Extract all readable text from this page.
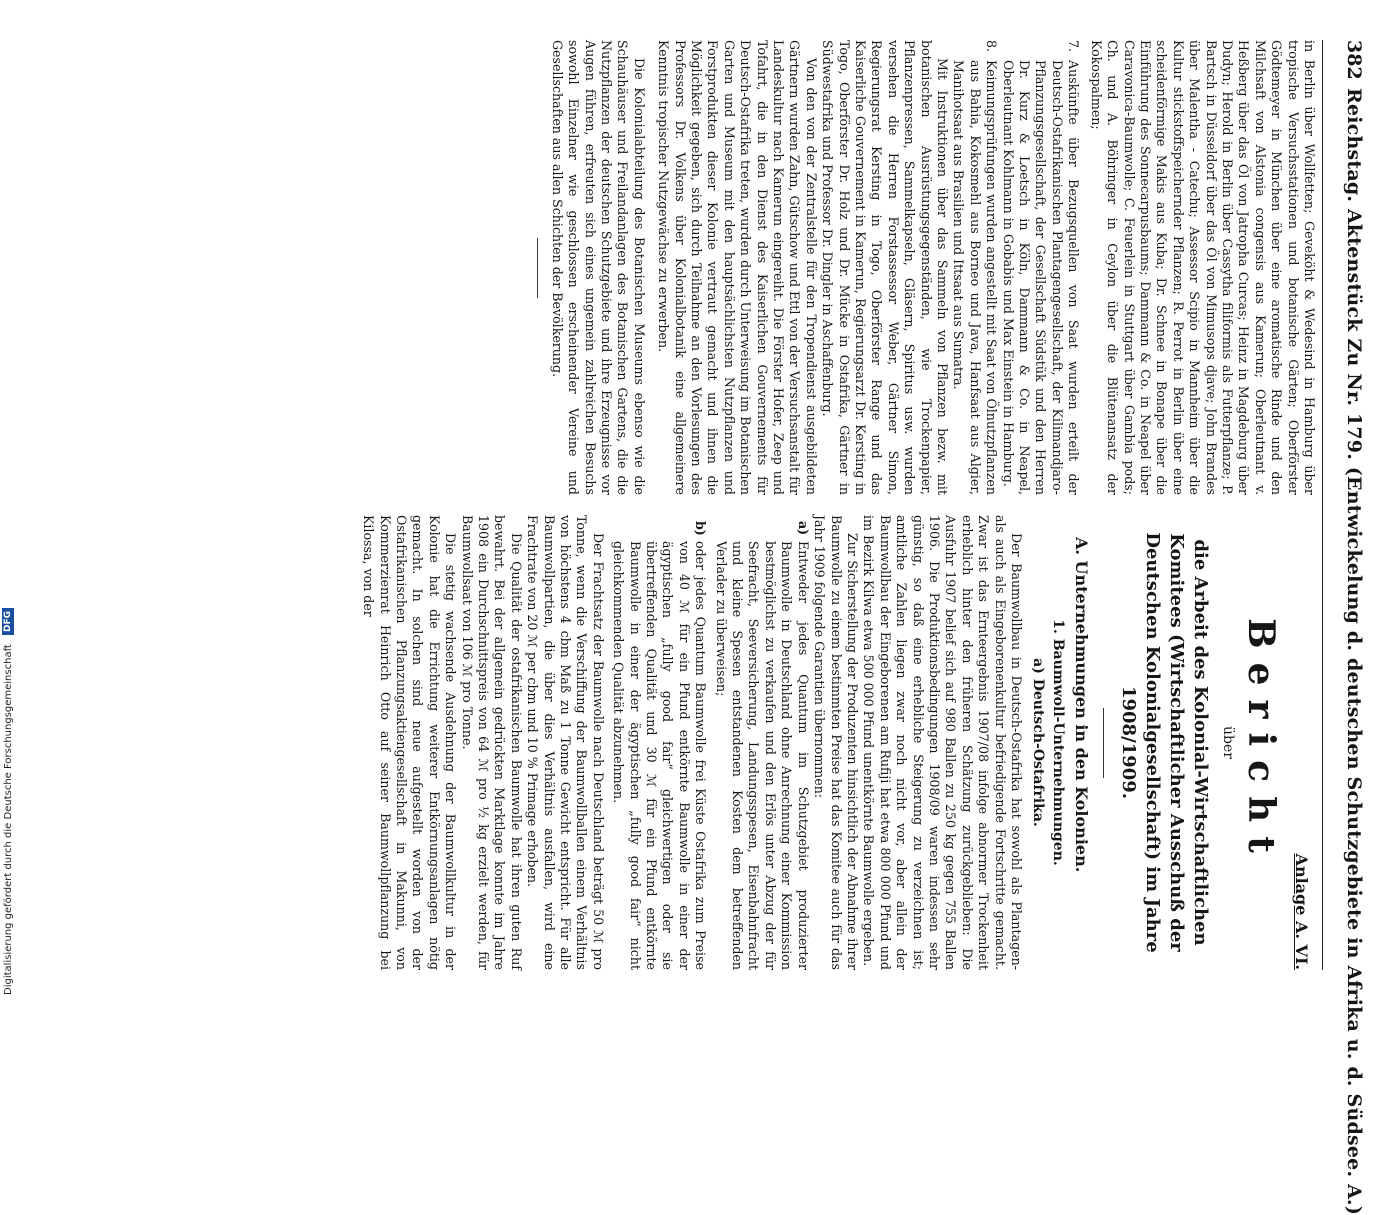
382
Reichstag. Aktenstück Zu Nr. 179. (Entwickelung d. deutschen Schutzgebiete in Afrika u. d. Südsee. A.)

in Berlin über Wollfetten; Geveköht & Wedesind in Hamburg über tropische Versuchsstationen und botanische Gärten; Oberförster Gödtemeyer in München über eine aromatische Rinde und den Milchsaft von Alstonia congensis aus Kamerun; Oberleutnant v. Heßberg über das Öl von Jatropha Curcas; Heinz in Magdeburg über Dudyn; Herold in Berlin über Cassytha filiformis als Futterpflanze; P. Bartsch in Düsseldorf über das Öl von Mimusops djave; John Brandes über Malentha - Catechu; Assessor Scipio in Mannheim über die Kultur stickstoffspeichernder Pflanzen; R. Perrot in Berlin über eine scheidenförmige Makis aus Kuba; Dr. Schnee in Bonape über die Einführung des Sonnecarpusbaums; Dammann & Co. in Neapel über Caravonica-Baumwolle; C. Feuerlein in Stuttgart über Gambia pods; Ch. und A. Böhringer in Ceylon über die Blütenansatz der Kokospalmen;

7.
Auskünfte über Bezugsquellen von Saat wurden erteilt der Deutsch-Ostafrikanischen Plantagengesellschaft, der Kilimandjaro-Pflanzungsgesellschaft, der Gesellschaft Südstük und den Herren Dr. Kurz & Loetsch in Köln, Dammann & Co. in Neapel, Oberleutnant Kohlmann in Gobabis und Max Einstein in Hamburg.
8.
Keimungsprüfungen wurden angestellt mit Saat von Ölnutzpflanzen aus Bahia, Kokosmehl aus Borneo und Java, Hanfsaat aus Algier, Manihotsaat aus Brasilien und Ittsaat aus Sumatra.

Mit Instruktionen über das Sammeln von Pflanzen bezw. mit botanischen Ausrüstungsgegenständen, wie Trockenpapier, Pflanzenpressen, Sammelkapseln, Gläsern, Spiritus usw. wurden versehen die Herren Forstassessor Weber, Gärtner Simon, Regierungsrat Kersting in Togo, Oberförster Range und das Kaiserliche Gouvernement in Kamerun, Regierungsarzt Dr. Kersting in Togo, Oberförster Dr. Holz und Dr. Mücke in Ostafrika, Gärtner in Südwestafrika und Professor Dr. Dingler in Aschaffenburg.

Von den von der Zentralstelle für den Tropendienst ausgebildeten Gärtnern wurden Zahn, Gütschow und Ettl von der Versuchsanstalt für Landeskultur nach Kamerun eingereiht. Die Förster Hofer, Zeep und Tofahrt, die in den Dienst des Kaiserlichen Gouvernements für Deutsch-Ostafrika treten, wurden durch Unterweisung im Botanischen Garten und Museum mit den hauptsächlichsten Nutzpflanzen und Forstprodukten dieser Kolonie vertraut gemacht und ihnen die Möglichkeit gegeben, sich durch Teilnahme an den Vorlesungen des Professors Dr. Volkens über Kolonialbotanik eine allgemeinere Kenntnis tropischer Nutzgewächse zu erwerben.

Die Kolonialabteilung des Botanischen Museums ebenso wie die Schauhäuser und Freilandanlagen des Botanischen Gartens, die die Nutzpflanzen der deutschen Schutzgebiete und ihre Erzeugnisse vor Augen führen, erfreuten sich eines ungemein zahlreichen Besuchs sowohl Einzelner wie geschlossen erscheinender Vereine und Gesellschaften aus allen Schichten der Bevölkerung.

Anlage A. VI.
Bericht
über
die Arbeit des Kolonial-Wirtschaftlichen Komitees (Wirtschaftlicher Ausschuß der Deutschen Kolonialgesellschaft) im Jahre 1908/1909.
A. Unternehmungen in den Kolonien.
1. Baumwoll-Unternehmungen.
a) Deutsch-Ostafrika.

Der Baumwollbau in Deutsch-Ostafrika hat sowohl als Plantagen- als auch als Eingeborenenkultur befriedigende Fortschritte gemacht. Zwar ist das Ernteergebnis 1907/08 infolge abnormer Trockenheit erheblich hinter den früheren Schätzung zurückgeblieben: Die Ausfuhr 1907 belief sich auf 980 Ballen zu 250 kg gegen 755 Ballen 1906. Die Produktionsbedingungen 1908/09 waren indessen sehr günstig, so daß eine erhebliche Steigerung zu verzeichnen ist; amtliche Zahlen liegen zwar noch nicht vor, aber allein der Baumwollbau der Eingeborenen am Rufiji hat etwa 800 000 Pfund und im Bezirk Kilwa etwa 500 000 Pfund unentkörnte Baumwolle ergeben.

Zur Sicherstellung der Produzenten hinsichtlich der Abnahme ihrer Baumwolle zu einem bestimmten Preise hat das Komitee auch für das Jahr 1909 folgende Garantien übernommen:

a)
Entweder jedes Quantum im Schutzgebiet produzierter Baumwolle in Deutschland ohne Anrechnung einer Kommission bestmöglichst zu verkaufen und den Erlös unter Abzug der für Seefracht, Seeversicherung, Landungsspesen, Eisenbahnfracht und kleine Spesen entstandenen Kosten dem betreffenden Verlader zu überweisen;
b)
oder jedes Quantum Baumwolle frei Küste Ostafrika zum Preise von 40 ℳ für ein Pfund entkörnte Baumwolle in einer der ägyptischen „fully good fair“ gleichwertigen oder sie übertreffenden Qualität und 30 ℳ für ein Pfund entkörnte Baumwolle in einer der ägyptischen „fully good fair“ nicht gleichkommenden Qualität abzunehmen.

Der Frachtsatz der Baumwolle nach Deutschland beträgt 50 ℳ pro Tonne, wenn die Verschiffung der Baumwollballen einem Verhältnis von höchstens 4 cbm Maß zu 1 Tonne Gewicht entspricht. Für alle Baumwollpartien, die über dies Verhältnis ausfallen, wird eine Frachtrate von 20 ℳ per cbm und 10 % Primage erhoben.

Die Qualität der ostafrikanischen Baumwolle hat ihren guten Ruf bewahrt. Bei der allgemein gedrückten Marktlage konnte im Jahre 1908 ein Durchschnittspreis von 64 ℳ pro ½ kg erzielt werden, für Baumwollsaat von 106 ℳ pro Tonne.

Die stetig wachsende Ausdehnung der Baumwollkultur in der Kolonie hat die Errichtung weiterer Entkörnungsanlagen nötig gemacht. In solchen sind neue aufgestellt worden von der Ostafrikanischen Pflanzungsaktiengesellschaft in Makunni, von Kommerzienrat Heinrich Otto auf seiner Baumwollpflanzung bei Kilossa, von der

Digitalisierung gefördert durch die Deutsche Forschungsgemeinschaft DFG
